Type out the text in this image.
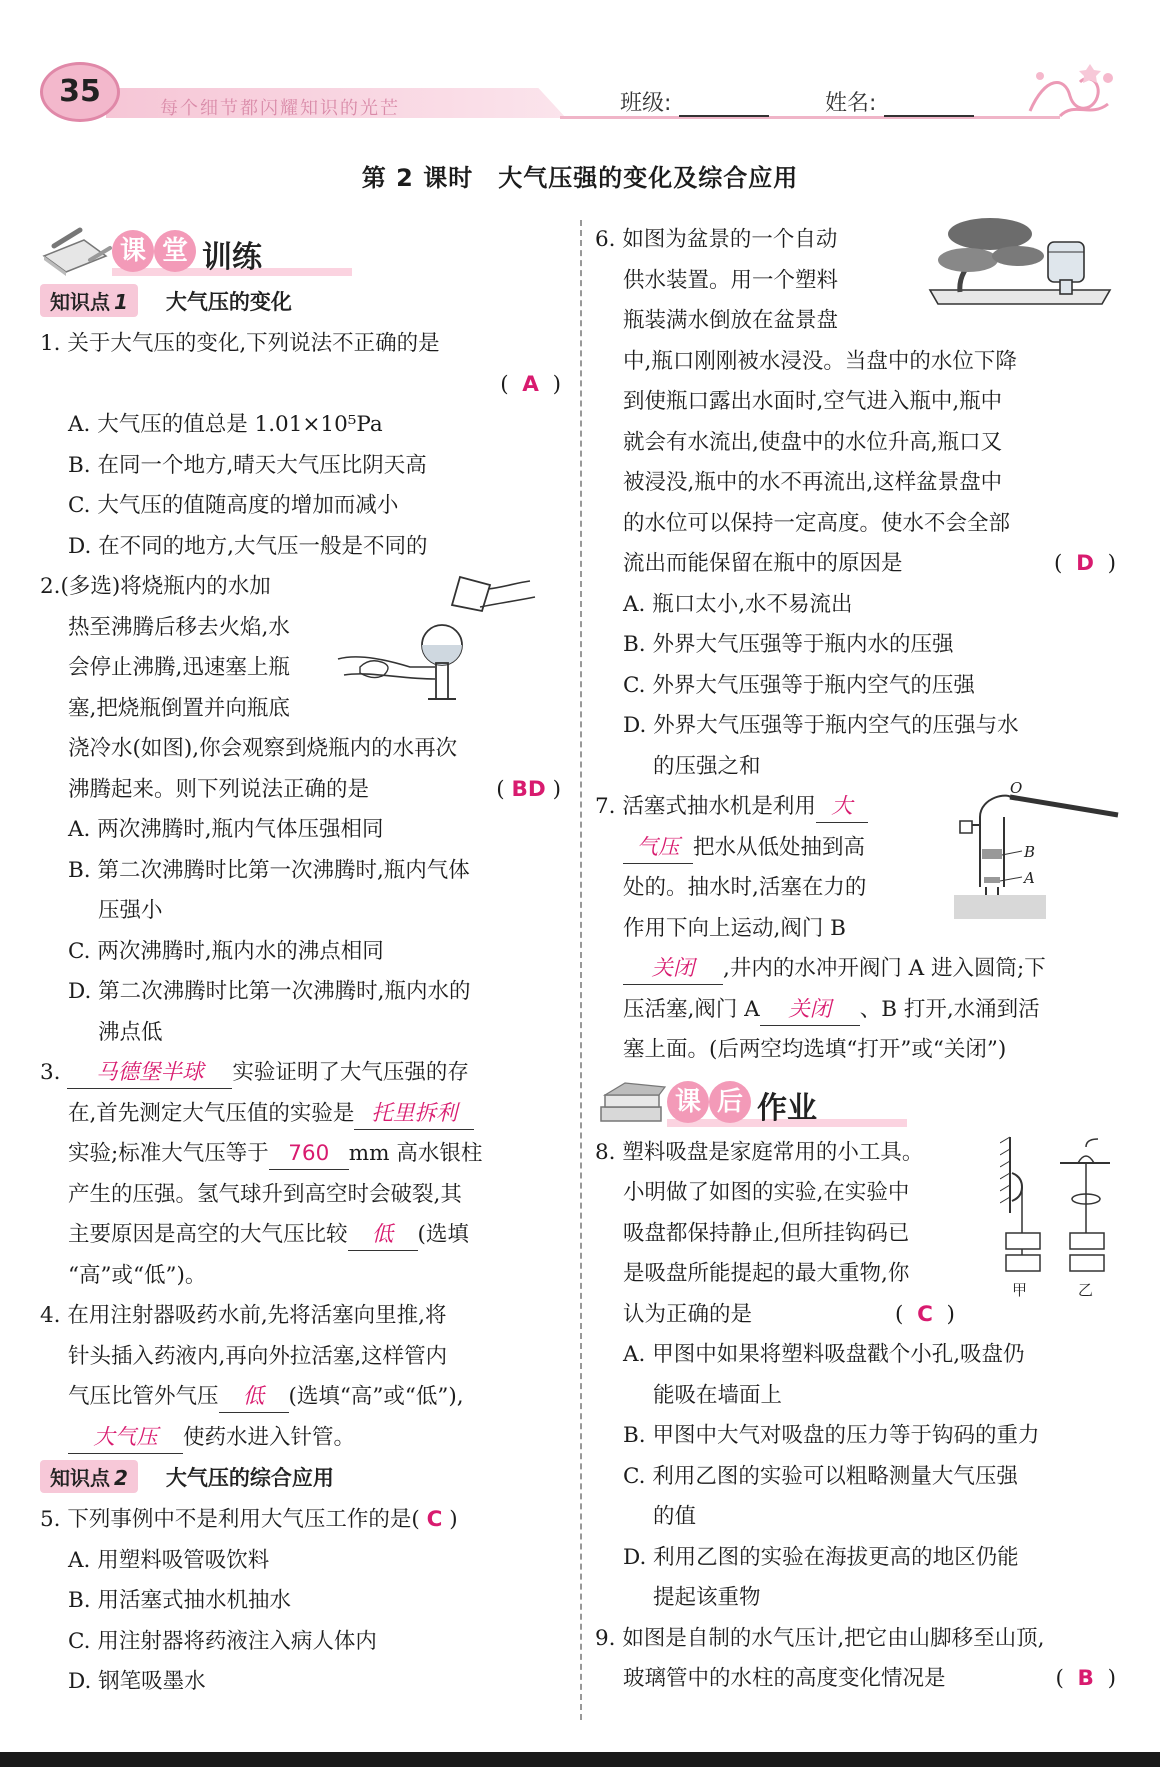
35	每个细节都闪耀知识的光芒	班级:	姓名:
第 2 课时　大气压强的变化及综合应用
课 堂 训练
知识点 1 大气压的变化
1. 关于大气压的变化,下列说法不正确的是
(  A  )

A. 大气压的值总是 1.01×10⁵Pa
B. 在同一个地方,晴天大气压比阴天高
C. 大气压的值随高度的增加而减小
D. 在不同的地方,大气压一般是不同的
2.(多选)将烧瓶内的水加
热至沸腾后移去火焰,水
会停止沸腾,迅速塞上瓶
塞,把烧瓶倒置并向瓶底
浇冷水(如图),你会观察到烧瓶内的水再次
沸腾起来。则下列说法正确的是	( BD )
A. 两次沸腾时,瓶内气体压强相同
B. 第二次沸腾时比第一次沸腾时,瓶内气体
压强小
C. 两次沸腾时,瓶内水的沸点相同
D. 第二次沸腾时比第一次沸腾时,瓶内水的
沸点低
3. 马德堡半球 实验证明了大气压强的存
在,首先测定大气压值的实验是 托里拆利
实验;标准大气压等于 760 mm 高水银柱
产生的压强。氢气球升到高空时会破裂,其
主要原因是高空的大气压比较 低 (选填
“高”或“低”)。
4. 在用注射器吸药水前,先将活塞向里推,将
针头插入药液内,再向外拉活塞,这样管内
气压比管外气压 低 (选填“高”或“低”),
大气压 使药水进入针管。
知识点 2 大气压的综合应用
5. 下列事例中不是利用大气压工作的是( C )
A. 用塑料吸管吸饮料
B. 用活塞式抽水机抽水
C. 用注射器将药液注入病人体内
D. 钢笔吸墨水
6. 如图为盆景的一个自动
供水装置。用一个塑料
瓶装满水倒放在盆景盘
中,瓶口刚刚被水浸没。当盘中的水位下降
到使瓶口露出水面时,空气进入瓶中,瓶中
就会有水流出,使盘中的水位升高,瓶口又
被浸没,瓶中的水不再流出,这样盆景盘中
的水位可以保持一定高度。使水不会全部
流出而能保留在瓶中的原因是	(  D  )
A. 瓶口太小,水不易流出
B. 外界大气压强等于瓶内水的压强
C. 外界大气压强等于瓶内空气的压强
D. 外界大气压强等于瓶内空气的压强与水
的压强之和
O
B
A
7. 活塞式抽水机是利用 大
气压 把水从低处抽到高
处的。抽水时,活塞在力的
作用下向上运动,阀门 B
关闭 ,井内的水冲开阀门 A 进入圆筒;下
压活塞,阀门 A 关闭 、B 打开,水涌到活
塞上面。(后两空均选填“打开”或“关闭”)
课 后 作业
甲	乙
8. 塑料吸盘是家庭常用的小工具。
小明做了如图的实验,在实验中
吸盘都保持静止,但所挂钩码已
是吸盘所能提起的最大重物,你
认为正确的是	(  C  )
A. 甲图中如果将塑料吸盘戳个小孔,吸盘仍
能吸在墙面上
B. 甲图中大气对吸盘的压力等于钩码的重力
C. 利用乙图的实验可以粗略测量大气压强
的值
D. 利用乙图的实验在海拔更高的地区仍能
提起该重物
9. 如图是自制的水气压计,把它由山脚移至山顶,
玻璃管中的水柱的高度变化情况是	(  B  )
